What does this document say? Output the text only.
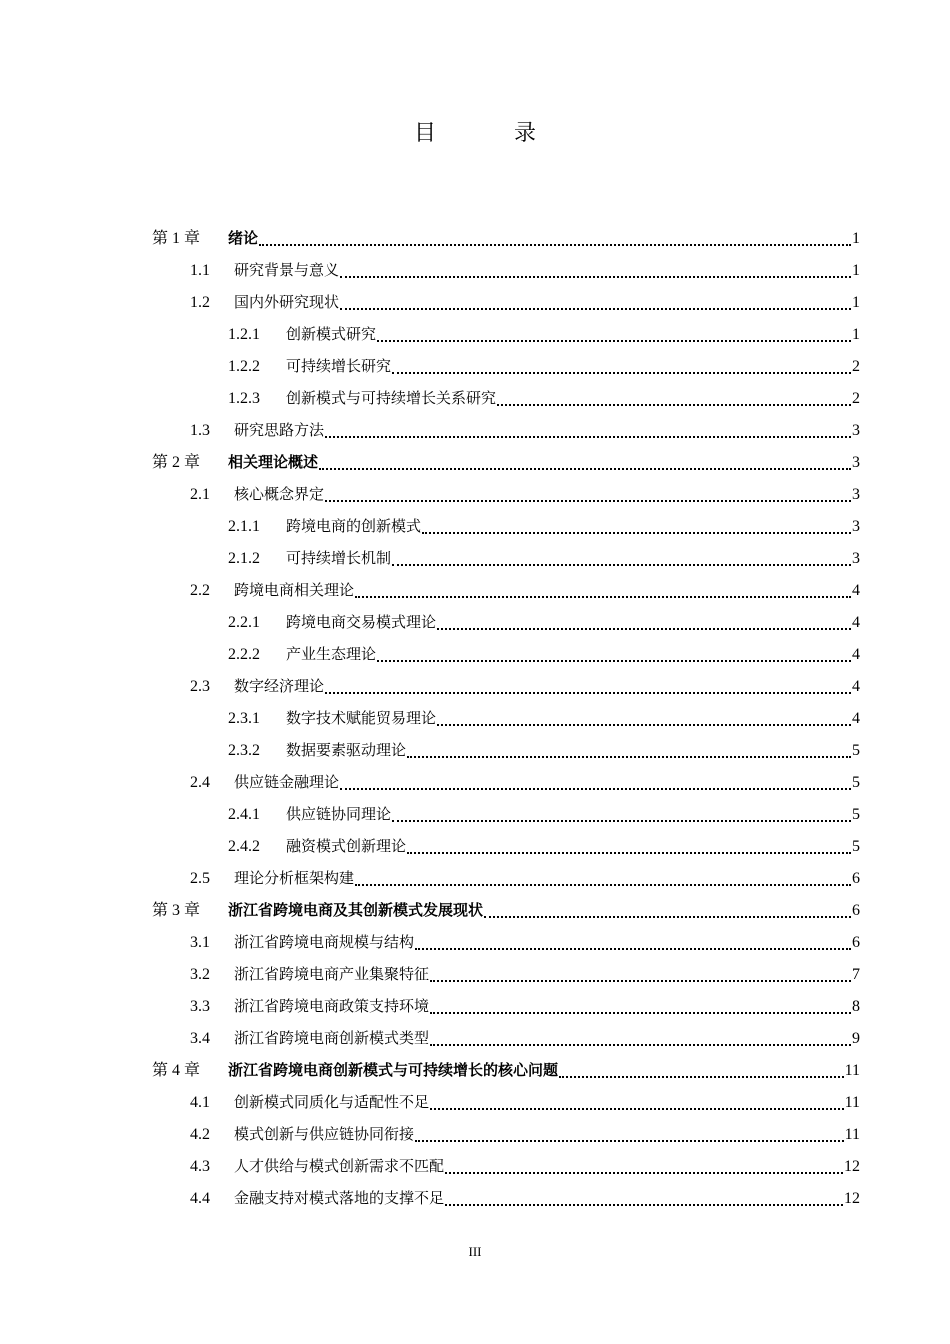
目　录
第 1 章	绪论	1
1.1	研究背景与意义	1
1.2	国内外研究现状	1
1.2.1	创新模式研究	1
1.2.2	可持续增长研究	2
1.2.3	创新模式与可持续增长关系研究	2
1.3	研究思路方法	3
第 2 章	相关理论概述	3
2.1	核心概念界定	3
2.1.1	跨境电商的创新模式	3
2.1.2	可持续增长机制	3
2.2	跨境电商相关理论	4
2.2.1	跨境电商交易模式理论	4
2.2.2	产业生态理论	4
2.3	数字经济理论	4
2.3.1	数字技术赋能贸易理论	4
2.3.2	数据要素驱动理论	5
2.4	供应链金融理论	5
2.4.1	供应链协同理论	5
2.4.2	融资模式创新理论	5
2.5	理论分析框架构建	6
第 3 章	浙江省跨境电商及其创新模式发展现状	6
3.1	浙江省跨境电商规模与结构	6
3.2	浙江省跨境电商产业集聚特征	7
3.3	浙江省跨境电商政策支持环境	8
3.4	浙江省跨境电商创新模式类型	9
第 4 章	浙江省跨境电商创新模式与可持续增长的核心问题	11
4.1	创新模式同质化与适配性不足	11
4.2	模式创新与供应链协同衔接	11
4.3	人才供给与模式创新需求不匹配	12
4.4	金融支持对模式落地的支撑不足	12
III
